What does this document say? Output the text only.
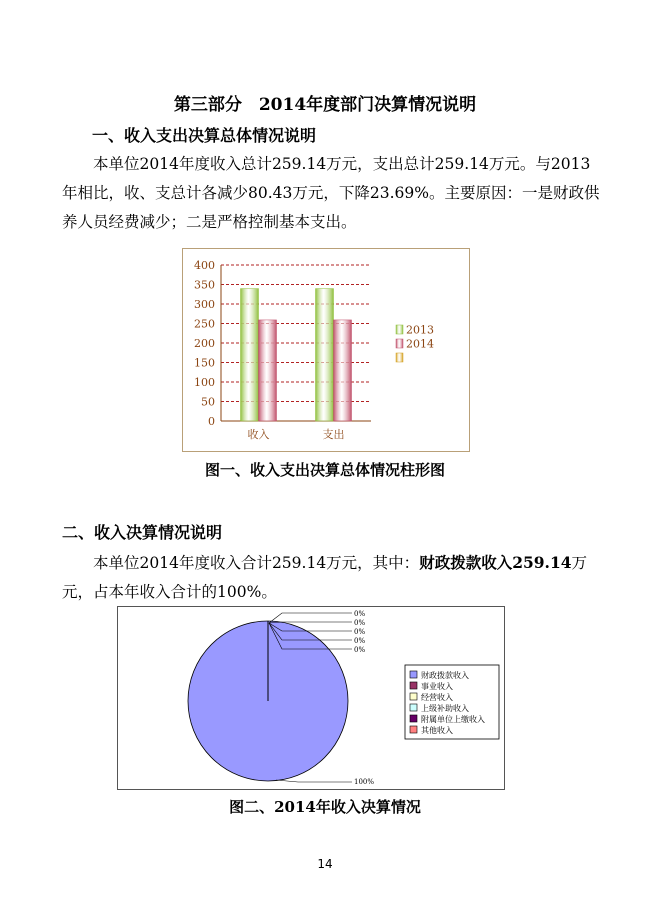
第三部分　2014年度部门决算情况说明
一、收入支出决算总体情况说明
本单位2014年度收入总计259.14万元，支出总计259.14万元。与2013年相比，收、支总计各减少80.43万元，下降23.69%。主要原因：一是财政供养人员经费减少；二是严格控制基本支出。
0
50
100
150
200
250
300
350
400
收入	支出
2013
2014
图一、收入支出决算总体情况柱形图
二、收入决算情况说明
本单位2014年度收入合计259.14万元，其中：财政拨款收入259.14万元，占本年收入合计的100%。
0%
0%
0%
0%
0%
100%
财政拨款收入
事业收入
经营收入
上级补助收入
附属单位上缴收入
其他收入
图二、2014年收入决算情况
14
